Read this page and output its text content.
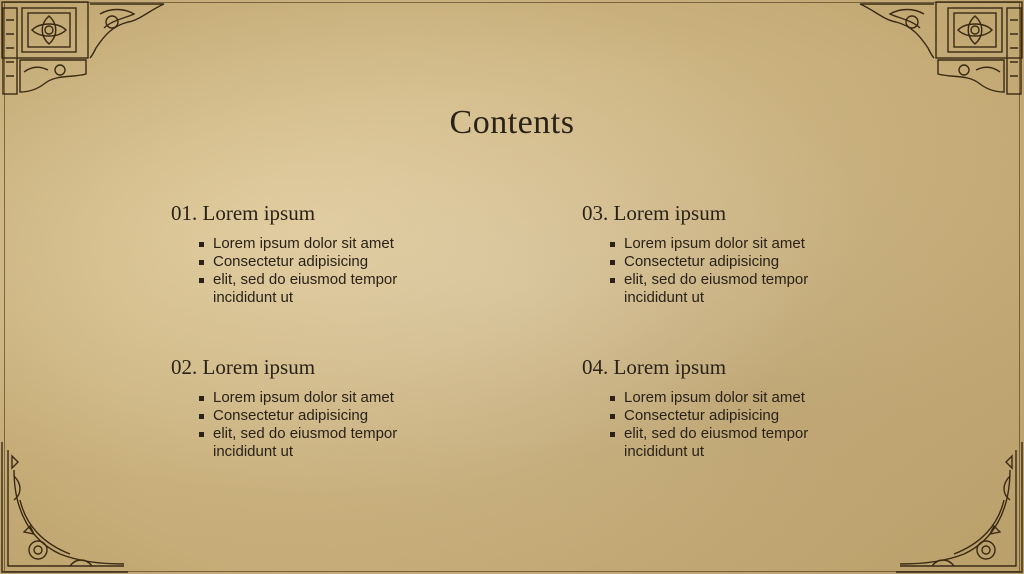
Contents
01. Lorem ipsum
Lorem ipsum dolor sit amet
Consectetur adipisicing
elit, sed do eiusmod tempor incididunt ut
02. Lorem ipsum
Lorem ipsum dolor sit amet
Consectetur adipisicing
elit, sed do eiusmod tempor incididunt ut
03. Lorem ipsum
Lorem ipsum dolor sit amet
Consectetur adipisicing
elit, sed do eiusmod tempor incididunt ut
04. Lorem ipsum
Lorem ipsum dolor sit amet
Consectetur adipisicing
elit, sed do eiusmod tempor incididunt ut
